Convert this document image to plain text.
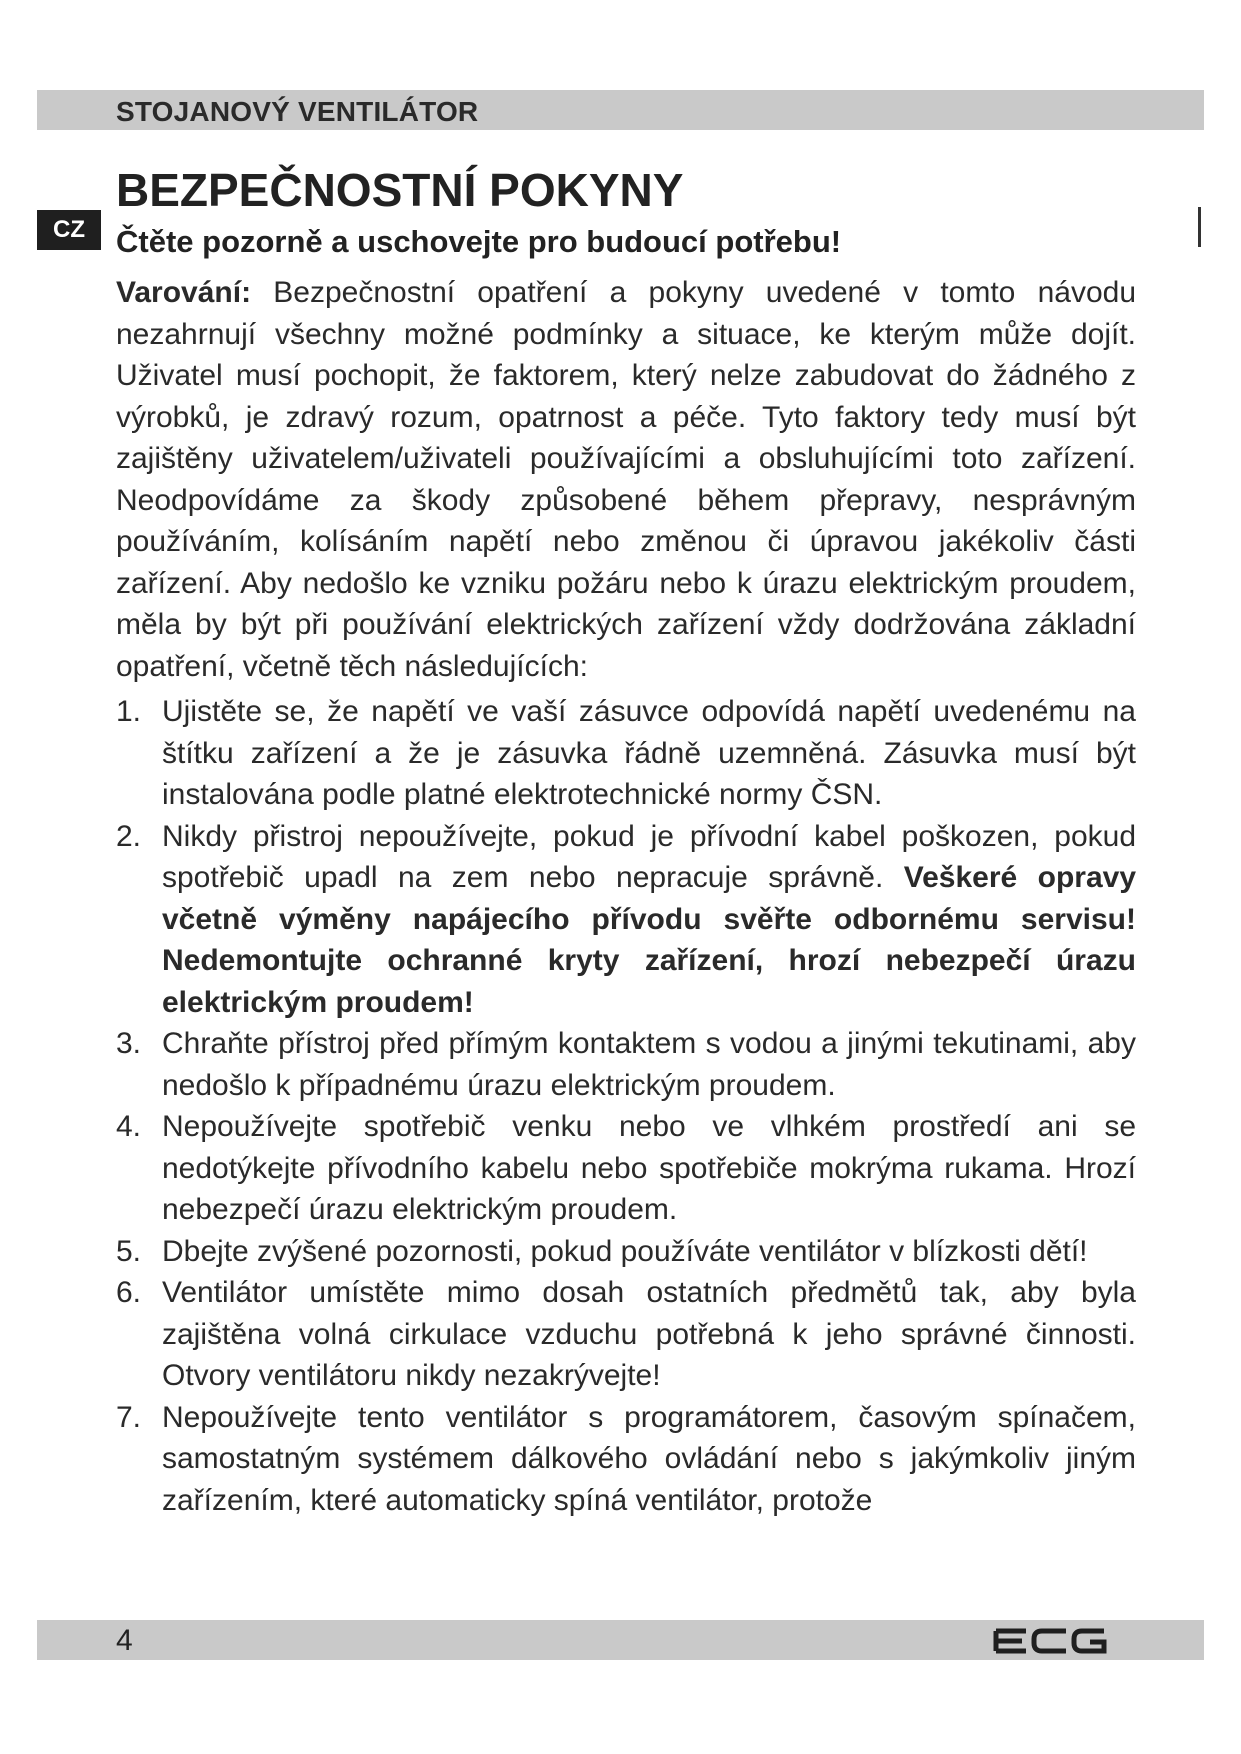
STOJANOVÝ VENTILÁTOR
CZ
BEZPEČNOSTNÍ POKYNY
Čtěte pozorně a uschovejte pro budoucí potřebu!

Varování: Bezpečnostní opatření a pokyny uvedené v tomto návodu nezahrnují všechny možné podmínky a situace, ke kterým může dojít. Uživatel musí pochopit, že faktorem, který nelze zabudovat do žádného z výrobků, je zdravý rozum, opatrnost a péče. Tyto faktory tedy musí být zajištěny uživatelem/uživateli používajícími a obsluhujícími toto zařízení. Neodpovídáme za škody způsobené během přepravy, nesprávným používáním, kolísáním napětí nebo změnou či úpravou jakékoliv části zařízení. Aby nedošlo ke vzniku požáru nebo k úrazu elektrickým proudem, měla by být při používání elektrických zařízení vždy dodržována základní opatření, včetně těch následujících:

1. Ujistěte se, že napětí ve vaší zásuvce odpovídá napětí uvedenému na štítku zařízení a že je zásuvka řádně uzemněná. Zásuvka musí být instalována podle platné elektrotechnické normy ČSN.
2. Nikdy přistroj nepoužívejte, pokud je přívodní kabel poškozen, pokud spotřebič upadl na zem nebo nepracuje správně. Veškeré opravy včetně výměny napájecího přívodu svěřte odbornému servisu! Nedemontujte ochranné kryty zařízení, hrozí nebezpečí úrazu elektrickým proudem!
3. Chraňte přístroj před přímým kontaktem s vodou a jinými tekutinami, aby nedošlo k případnému úrazu elektrickým proudem.
4. Nepoužívejte spotřebič venku nebo ve vlhkém prostředí ani se nedotýkejte přívodního kabelu nebo spotřebiče mokrýma rukama. Hrozí nebezpečí úrazu elektrickým proudem.
5. Dbejte zvýšené pozornosti, pokud používáte ventilátor v blízkosti dětí!
6. Ventilátor umístěte mimo dosah ostatních předmětů tak, aby byla zajištěna volná cirkulace vzduchu potřebná k jeho správné činnosti. Otvory ventilátoru nikdy nezakrývejte!
7. Nepoužívejte tento ventilátor s programátorem, časovým spínačem, samostatným systémem dálkového ovládání nebo s jakýmkoliv jiným zařízením, které automaticky spíná ventilátor, protože
4
